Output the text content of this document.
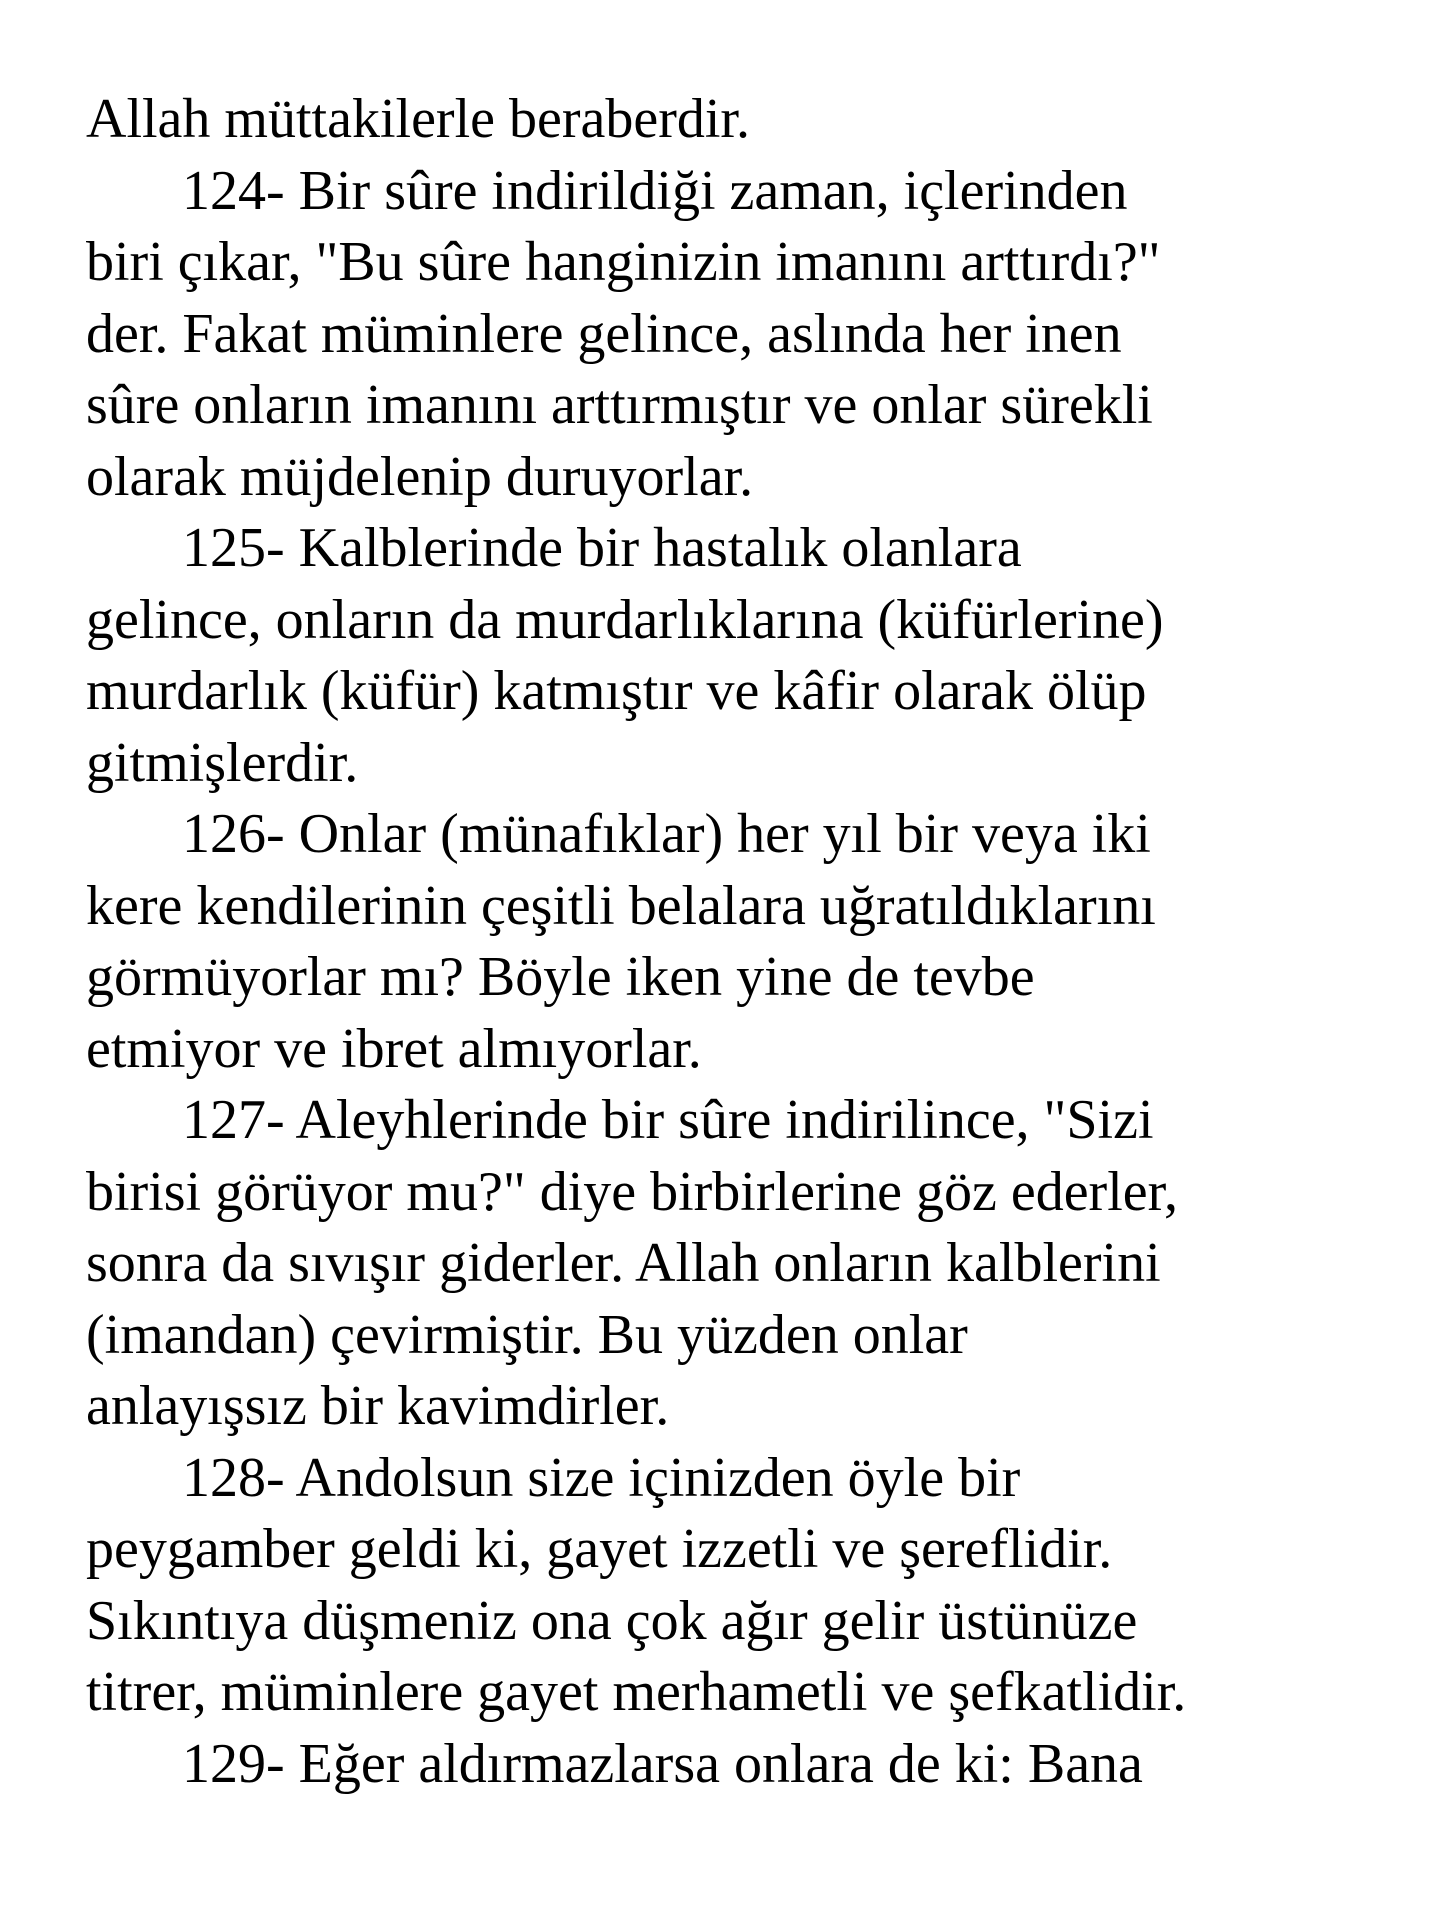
Allah müttakilerle beraberdir.
124- Bir sûre indirildiği zaman, içlerinden
biri çıkar, "Bu sûre hanginizin imanını arttırdı?"
der. Fakat müminlere gelince, aslında her inen
sûre onların imanını arttırmıştır ve onlar sürekli
olarak müjdelenip duruyorlar.
125- Kalblerinde bir hastalık olanlara
gelince, onların da murdarlıklarına (küfürlerine)
murdarlık (küfür) katmıştır ve kâfir olarak ölüp
gitmişlerdir.
126- Onlar (münafıklar) her yıl bir veya iki
kere kendilerinin çeşitli belalara uğratıldıklarını
görmüyorlar mı? Böyle iken yine de tevbe
etmiyor ve ibret almıyorlar.
127- Aleyhlerinde bir sûre indirilince, "Sizi
birisi görüyor mu?" diye birbirlerine göz ederler,
sonra da sıvışır giderler. Allah onların kalblerini
(imandan) çevirmiştir. Bu yüzden onlar
anlayışsız bir kavimdirler.
128- Andolsun size içinizden öyle bir
peygamber geldi ki, gayet izzetli ve şereflidir.
Sıkıntıya düşmeniz ona çok ağır gelir üstünüze
titrer, müminlere gayet merhametli ve şefkatlidir.
129- Eğer aldırmazlarsa onlara de ki: Bana
